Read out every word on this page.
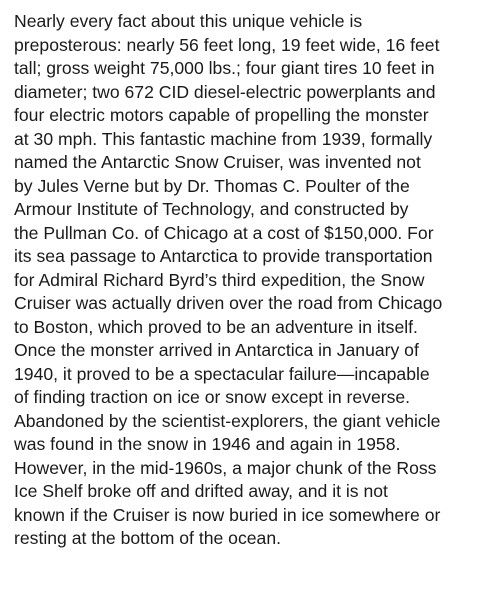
Nearly every fact about this unique vehicle is
preposterous: nearly 56 feet long, 19 feet wide, 16 feet
tall; gross weight 75,000 lbs.; four giant tires 10 feet in
diameter; two 672 CID diesel-electric powerplants and
four electric motors capable of propelling the monster
at 30 mph. This fantastic machine from 1939, formally
named the Antarctic Snow Cruiser, was invented not
by Jules Verne but by Dr. Thomas C. Poulter of the
Armour Institute of Technology, and constructed by
the Pullman Co. of Chicago at a cost of $150,000. For
its sea passage to Antarctica to provide transportation
for Admiral Richard Byrd’s third expedition, the Snow
Cruiser was actually driven over the road from Chicago
to Boston, which proved to be an adventure in itself.
Once the monster arrived in Antarctica in January of
1940, it proved to be a spectacular failure—incapable
of finding traction on ice or snow except in reverse.
Abandoned by the scientist-explorers, the giant vehicle
was found in the snow in 1946 and again in 1958.
However, in the mid-1960s, a major chunk of the Ross
Ice Shelf broke off and drifted away, and it is not
known if the Cruiser is now buried in ice somewhere or
resting at the bottom of the ocean.
